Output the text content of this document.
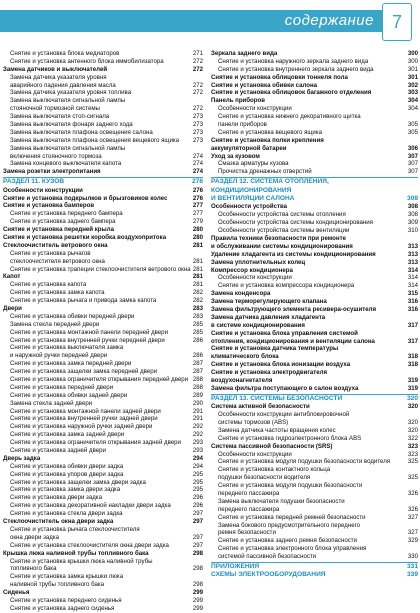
содержание 7
Снятие и установка блока медиаторов	271
Снятие и установка антенного блока иммобилизатора	272
Замена датчиков и выключателей	272
Замена датчика указателя уровня
аварийного падения давления масла	272
Замена датчика указателя уровня топлива	272
Замена выключателя сигнальной лампы
стояночной тормозной системы	272
Замена выключателя стоп-сигнала	273
Замена выключателя фонаря заднего хода	273
Замена выключателя плафона освещения салона	273
Замена выключателя плафона освещения вещевого ящика 273
Замена выключателя сигнальной лампы
включения стояночного тормоза	274
Замена концевого выключателя капота	274
Замена розетки электропитания	274
РАЗДЕЛ 11. КУЗОВ	276
Особенности конструкции	276
Снятие и установка подкрылков и брызговиков колес	276
Снятие и установка бамперов	277
Снятие и установка переднего бампера	277
Снятие и установка заднего бампера	279
Снятие и установка передней крыла	280
Снятие и установка решетки коробка воздухопритока	280
Стеклоочиститель ветрового окна	281
Снятие и установка рычагов
стеклоочистителя ветрового окна	281
Снятие и установка трапеции стеклоочистителя ветрового окна 281
Капот	281
Снятие и установка капота	281
Снятие и установка замка капота	282
Снятие и установка рычага и привода замка капота	282
Двери	283
Снятие и установка обивки передней двери	283
Замена стекла передней двери	285
Снятие и установка монтажной панели передней двери	285
Снятие и установка внутренней ручки передней двери	286
Снятие и установка выключателя замка
и наружной ручки передней двери	286
Снятие и установка замка передней двери	287
Снятие и установка защелки замка передней двери	287
Снятие и установка ограничителя открывания передней двери 288
Снятие и установка передней двери	288
Снятие и установка обивки задней двери	289
Замена стекла задней двери	290
Снятие и установка монтажной панели задней двери	291
Снятие и установка внутренней ручки задней двери	291
Снятие и установка наружной ручки задней двери	292
Снятие и установка замка задней двери	292
Снятие и установка ограничителя открывания задней двери 293
Снятие и установка задней двери	293
Дверь задка	294
Снятие и установка обивки двери задка	294
Снятие и установка упоров двери задка	295
Снятие и установка защелки замка двери задка	295
Снятие и установка замка двери задка	295
Снятие и установка двери задка	296
Снятие и установка декоративной накладки двери задка	296
Снятие и установка стекла двери задка	297
Стеклоочиститель окна двери задка	297
Снятие и установка рычага стеклоочистителя
окна двери задка	297
Снятие и установка стеклоочистителя окна двери задка	297
Крышка люка наливной трубы топливного бака	298
Снятие и установка крышки люка наливной трубы
топливного бака	298
Снятие и установка замка крышки люка
наливной трубы топливного бака	298
Сиденья	299
Снятие и установка переднего сиденья	299
Снятие и установка заднего сиденья	299
Зеркала заднего вида	300
Снятие и установка наружного зеркала заднего вида	300
Снятие и установка внутреннего зеркала заднего вида	301
Снятие и установка облицовки тоннеля пола	301
Снятие и установка обивки салона	302
Снятие и установка облицовок багажного отделения	303
Панель приборов	304
Особенности конструкции	304
Снятие и установка нижнего декоративного щитка
панели приборов	305
Снятие и установка вещевого ящика	305
Снятие и установка полки крепления
аккумуляторной батареи	306
Уход за кузовом	307
Смазка арматуры кузова	307
Прочистка дренажных отверстий	307
РАЗДЕЛ 12. СИСТЕМА ОТОПЛЕНИЯ,
КОНДИЦИОНИРОВАНИЯ
И ВЕНТИЛЯЦИИ САЛОНА	308
Особенности устройства	308
Особенности устройства системы отопления	308
Особенности устройства системы кондиционирования	309
Особенности устройства системы вентиляции	310
Правила техники безопасности при ремонте
и обслуживании системы кондиционирования	313
Удаление хладагента из системы кондиционирования	313
Замена уплотнительных колец	313
Компрессор кондиционера	314
Особенности конструкции	314
Снятие и установка компрессора кондиционера	314
Замена конденсора	315
Замена терморегулирующего клапана	316
Замена фильтрующего элемента ресивера-осушителя	316
Замена датчика давления хладагента
в системе кондиционирования	317
Снятие и установка блока управления системой
отопления, кондиционирования и вентиляции салона	317
Снятие и установка датчика температуры
климатического блока	318
Снятие и установка блока ионизации воздуха	318
Снятие и установка электродвигателя
воздухонагнетателя	319
Замена фильтра поступающего в салон воздуха	319
РАЗДЕЛ 13. СИСТЕМЫ БЕЗОПАСНОСТИ	320
Система активной безопасности	320
Особенности конструкции антиблокировочной
системы тормозов (ABS)	320
Замена датчика частоты вращения колес	320
Снятие и установка гидроэлектронного блока ABS	322
Система пассивной безопасности (SRS)	323
Особенности конструкции	323
Снятие и установка модуля подушки безопасности водителя	325
Снятие и установка контактного кольца
подушки безопасности водителя	325
Снятие и установка модуля подушки безопасности
переднего пассажира	326
Замена выключателя подушки безопасности
переднего пассажира	326
Снятие и установка передней ремней безопасности	327
Замена бокового предусмотрительного переднего
ремня безопасности	327
Снятие и установка заднего ремня безопасности	329
Снятие и установка электронного блока управления
системой пассивной безопасности	330
ПРИЛОЖЕНИЯ	331
СХЕМЫ ЭЛЕКТРООБОРУДОВАНИЯ	339
